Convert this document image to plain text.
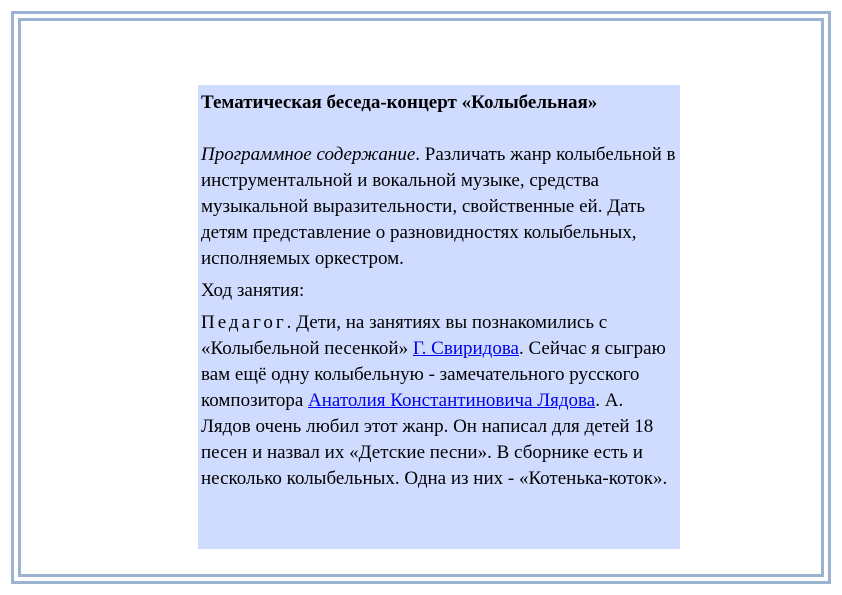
Тематическая беседа-концерт «Колыбельная»

Программное содержание. Различать жанр колыбельной в инструментальной и вокальной музыке, средства музыкальной выразительности, свойственные ей. Дать детям представление о разновидностях колыбельных, исполняемых оркестром.

Ход занятия:

Педагог. Дети, на занятиях вы познакомились с «Колыбельной песенкой» Г. Свиридова. Сейчас я сыграю вам ещё одну колыбельную - замечательного русского композитора Анатолия Константиновича Лядова. А. Лядов очень любил этот жанр. Он написал для детей 18 песен и назвал их «Детские песни». В сборнике есть и несколько колыбельных. Одна из них - «Котенька-коток».
